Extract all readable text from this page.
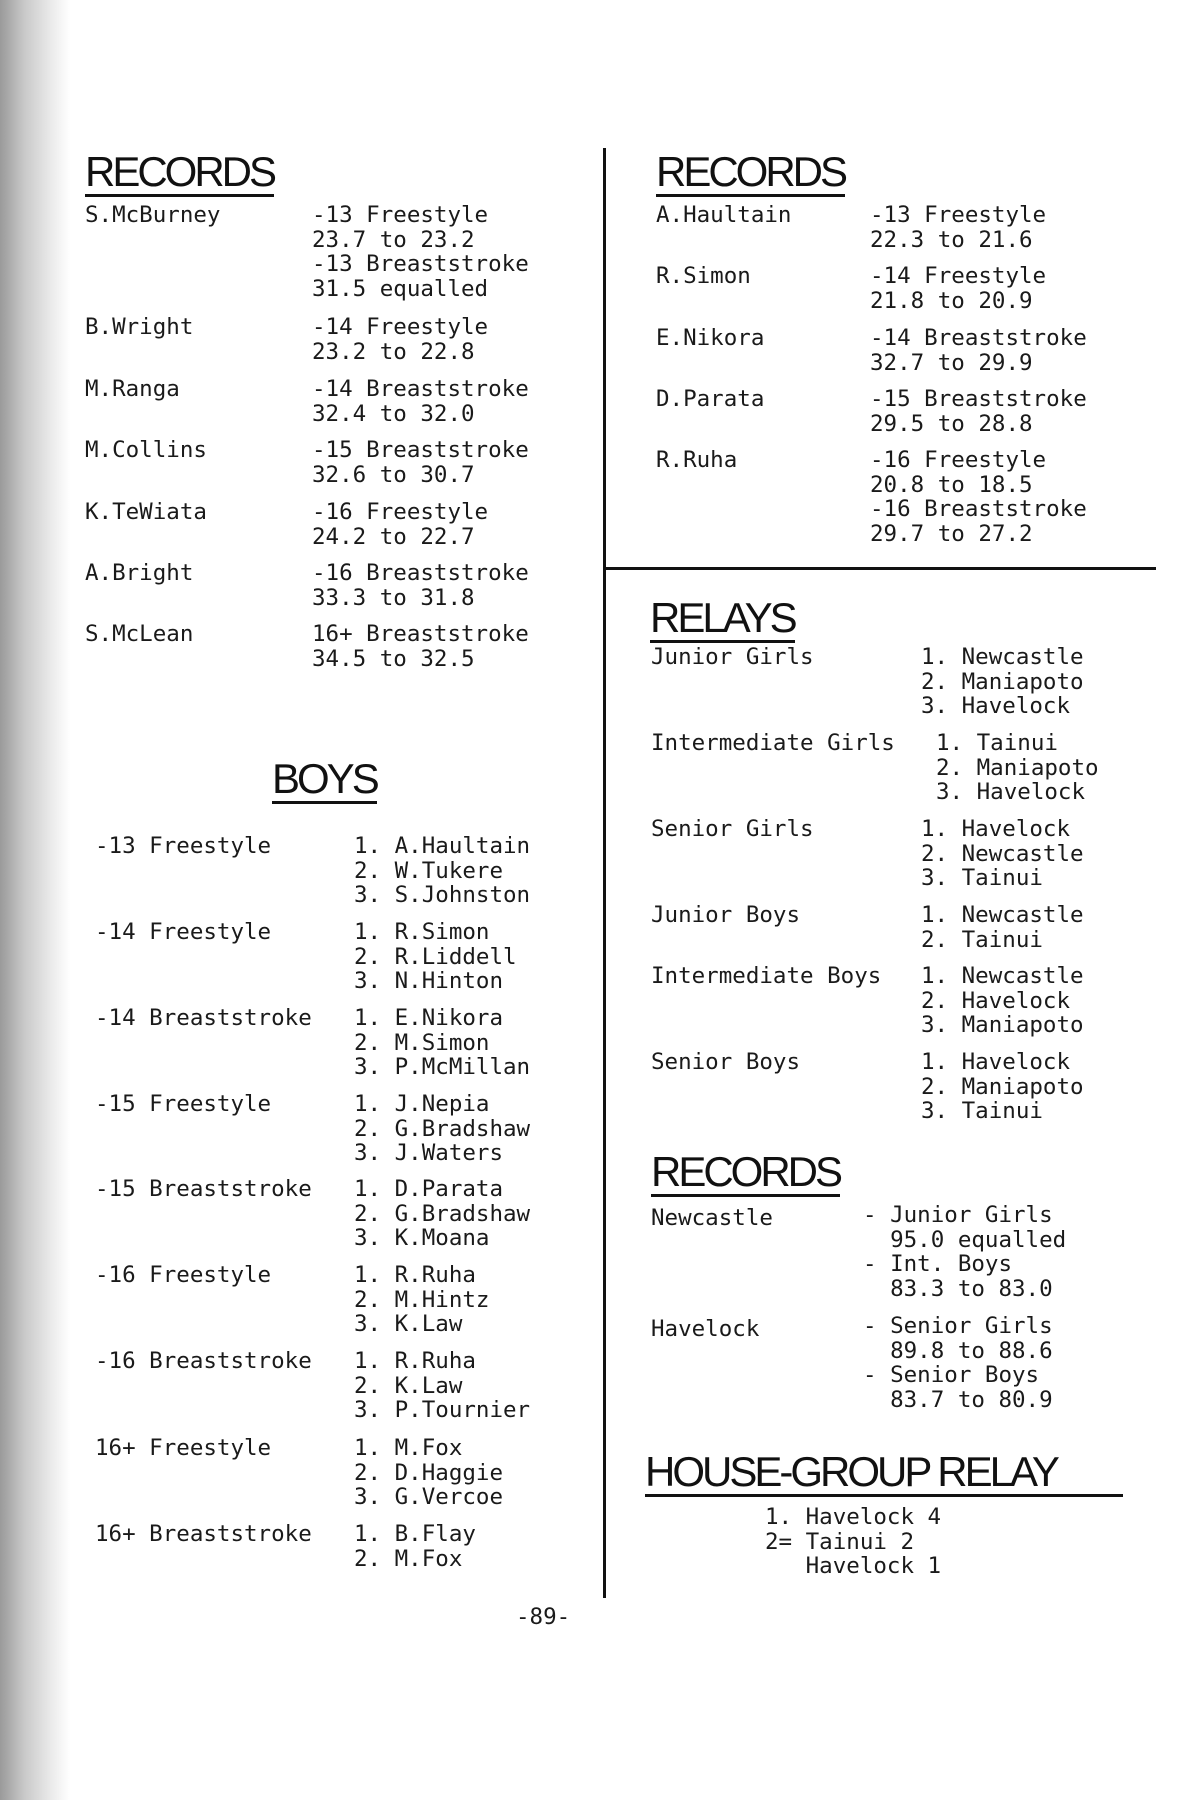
RECORDS
S.McBurney	-13 Freestyle
23.7 to 23.2
-13 Breaststroke
31.5 equalled
B.Wright	-14 Freestyle
23.2 to 22.8
M.Ranga	-14 Breaststroke
32.4 to 32.0
M.Collins	-15 Breaststroke
32.6 to 30.7
K.TeWiata	-16 Freestyle
24.2 to 22.7
A.Bright	-16 Breaststroke
33.3 to 31.8
S.McLean	16+ Breaststroke
34.5 to 32.5
BOYS
-13 Freestyle	1. A.Haultain
2. W.Tukere
3. S.Johnston
-14 Freestyle	1. R.Simon
2. R.Liddell
3. N.Hinton
-14 Breaststroke 1. E.Nikora
2. M.Simon
3. P.McMillan
-15 Freestyle	1. J.Nepia
2. G.Bradshaw
3. J.Waters
-15 Breaststroke 1. D.Parata
2. G.Bradshaw
3. K.Moana
-16 Freestyle	1. R.Ruha
2. M.Hintz
3. K.Law
-16 Breaststroke 1. R.Ruha
2. K.Law
3. P.Tournier
16+ Freestyle	1. M.Fox
2. D.Haggie
3. G.Vercoe
16+ Breaststroke 1. B.Flay
2. M.Fox
RECORDS
A.Haultain	-13 Freestyle
22.3 to 21.6
R.Simon	-14 Freestyle
21.8 to 20.9
E.Nikora	-14 Breaststroke
32.7 to 29.9
D.Parata	-15 Breaststroke
29.5 to 28.8
R.Ruha	-16 Freestyle
20.8 to 18.5
-16 Breaststroke
29.7 to 27.2
RELAYS
Junior Girls	1. Newcastle
2. Maniapoto
3. Havelock
Intermediate Girls 1. Tainui
2. Maniapoto
3. Havelock
Senior Girls	1. Havelock
2. Newcastle
3. Tainui
Junior Boys	1. Newcastle
2. Tainui
Intermediate Boys 1. Newcastle
2. Havelock
3. Maniapoto
Senior Boys	1. Havelock
2. Maniapoto
3. Tainui
RECORDS
Newcastle	- Junior Girls
95.0 equalled
- Int. Boys
83.3 to 83.0
Havelock	- Senior Girls
89.8 to 88.6
- Senior Boys
83.7 to 80.9
HOUSE-GROUP RELAY
1. Havelock 4
2= Tainui 2
Havelock 1
-89-
